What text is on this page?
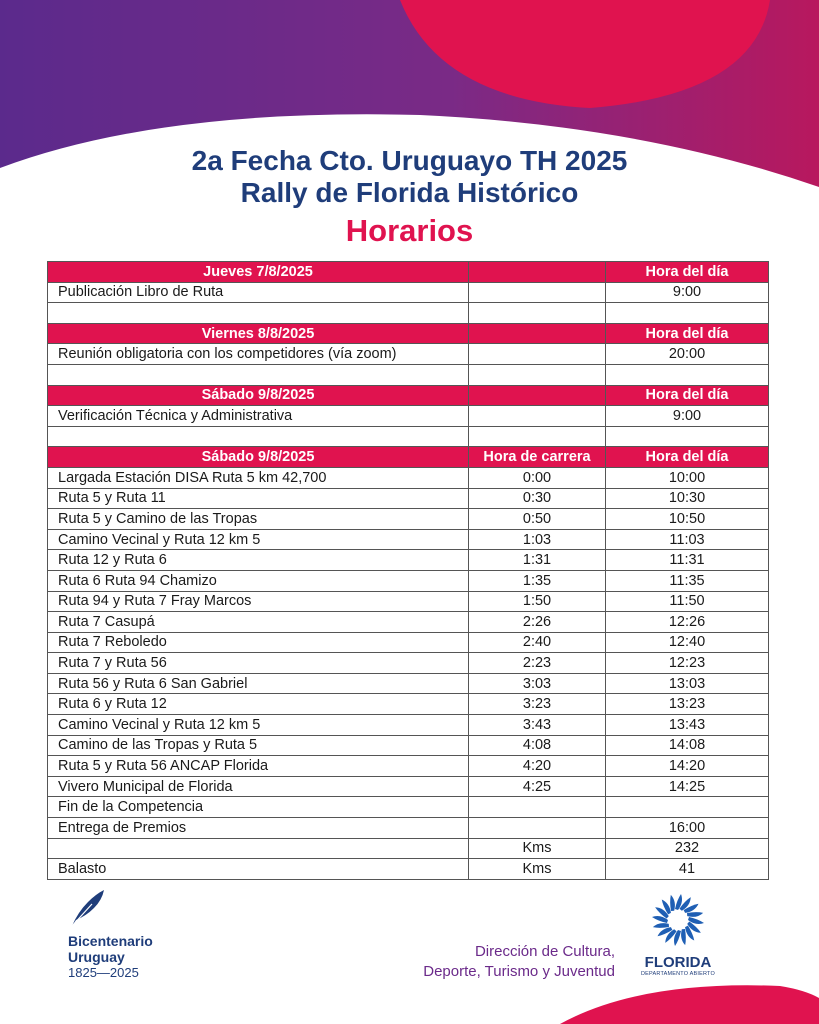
2a Fecha Cto. Uruguayo TH 2025
Rally de Florida Histórico
Horarios
Jueves 7/8/2025		Hora del día
Publicación Libro de Ruta		9:00

Viernes 8/8/2025		Hora del día
Reunión obligatoria con los competidores (vía zoom)		20:00

Sábado 9/8/2025		Hora del día
Verificación Técnica y Administrativa		9:00

Sábado 9/8/2025	Hora de carrera	Hora del día
Largada Estación DISA Ruta 5 km 42,700	0:00	10:00
Ruta 5 y Ruta 11	0:30	10:30
Ruta 5 y Camino de las Tropas	0:50	10:50
Camino Vecinal y Ruta 12 km 5	1:03	11:03
Ruta 12 y Ruta 6	1:31	11:31
Ruta 6 Ruta 94 Chamizo	1:35	11:35
Ruta 94 y Ruta 7 Fray Marcos	1:50	11:50
Ruta 7 Casupá	2:26	12:26
Ruta 7 Reboledo	2:40	12:40
Ruta 7 y Ruta 56	2:23	12:23
Ruta 56 y Ruta 6 San Gabriel	3:03	13:03
Ruta 6 y Ruta 12	3:23	13:23
Camino Vecinal y Ruta 12 km 5	3:43	13:43
Camino de las Tropas y Ruta 5	4:08	14:08
Ruta 5 y Ruta 56 ANCAP Florida	4:20	14:20
Vivero Municipal de Florida	4:25	14:25
Fin de la Competencia		
Entrega de Premios		16:00
	Kms	232
Balasto	Kms	41
Bicentenario
Uruguay
1825—2025
Dirección de Cultura,
Deporte, Turismo y Juventud
FLORIDA
DEPARTAMENTO ABIERTO
